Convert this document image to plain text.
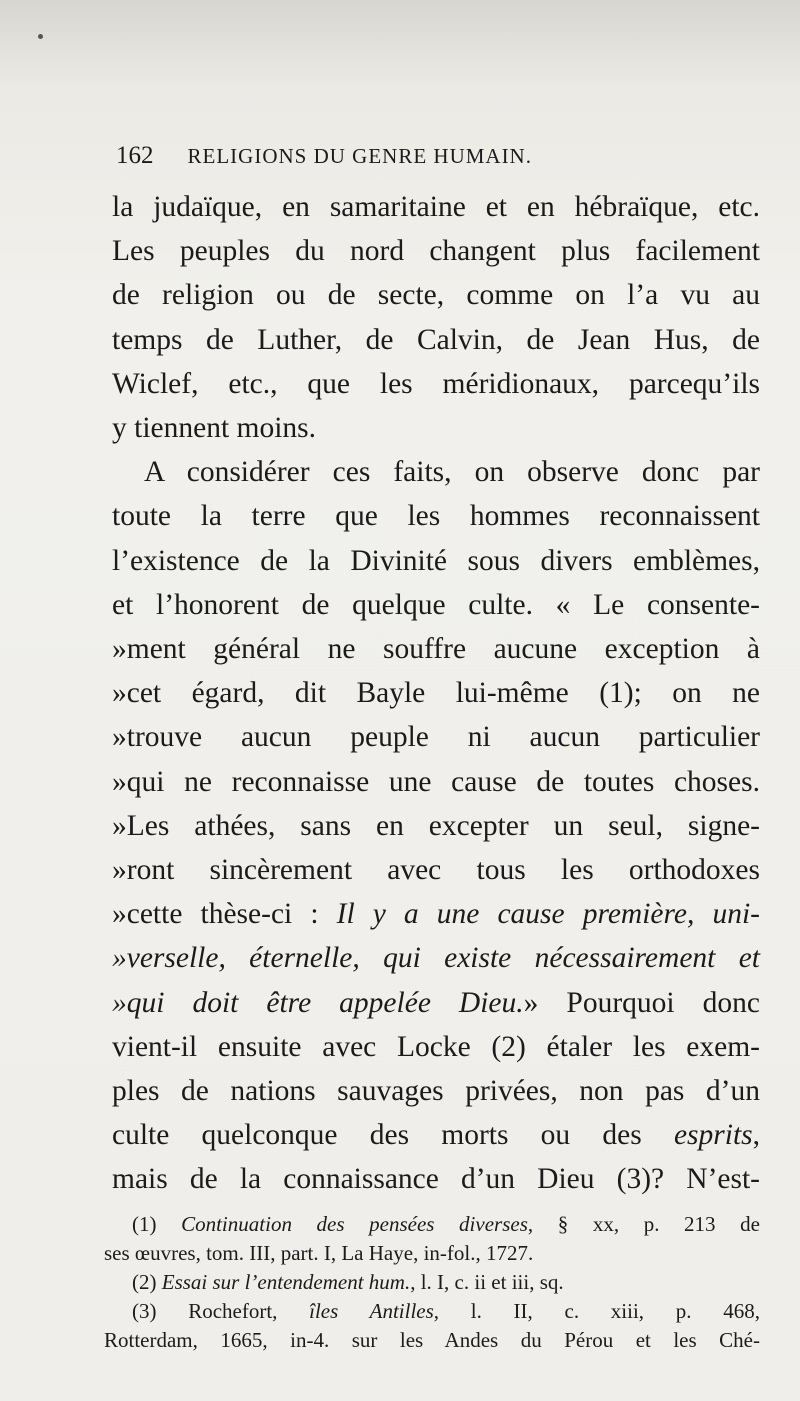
162 RELIGIONS DU GENRE HUMAIN.
la judaïque, en samaritaine et en hébraïque, etc.
Les peuples du nord changent plus facilement
de religion ou de secte, comme on l’a vu au
temps de Luther, de Calvin, de Jean Hus, de
Wiclef, etc., que les méridionaux, parcequ’ils
y tiennent moins.
A considérer ces faits, on observe donc par
toute la terre que les hommes reconnaissent
l’existence de la Divinité sous divers emblèmes,
et l’honorent de quelque culte. « Le consente-
»ment général ne souffre aucune exception à
»cet égard, dit Bayle lui-même (1); on ne
»trouve aucun peuple ni aucun particulier
»qui ne reconnaisse une cause de toutes choses.
»Les athées, sans en excepter un seul, signe-
»ront sincèrement avec tous les orthodoxes
»cette thèse-ci : Il y a une cause première, uni-
»verselle, éternelle, qui existe nécessairement et
»qui doit être appelée Dieu.» Pourquoi donc
vient-il ensuite avec Locke (2) étaler les exem-
ples de nations sauvages privées, non pas d’un
culte quelconque des morts ou des esprits,
mais de la connaissance d’un Dieu (3)? N’est-
(1) Continuation des pensées diverses, § xx, p. 213 de
ses œuvres, tom. III, part. I, La Haye, in-fol., 1727.
(2) Essai sur l’entendement hum., l. I, c. ii et iii, sq.
(3) Rochefort, îles Antilles, l. II, c. xiii, p. 468,
Rotterdam, 1665, in-4. sur les Andes du Pérou et les Ché-
